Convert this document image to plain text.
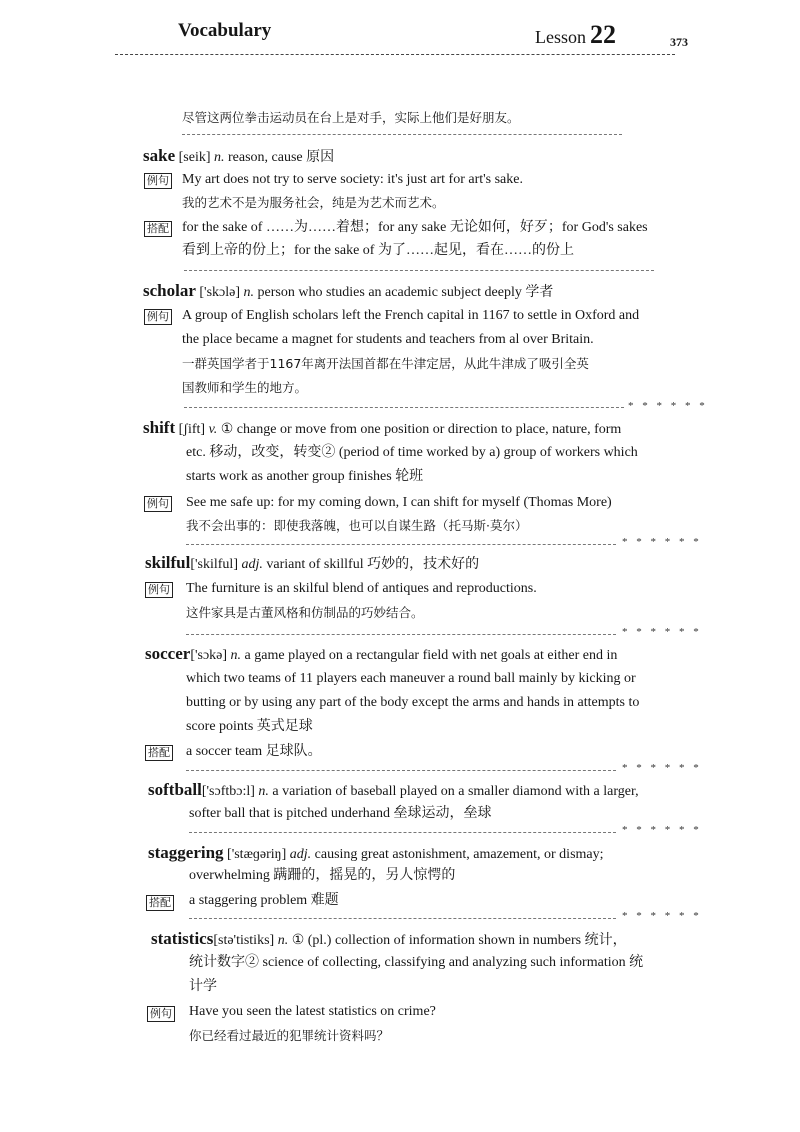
Vocabulary	Lesson 22	373
尽管这两位拳击运动员在台上是对手，实际上他们是好朋友。
sake [seik] n. reason, cause 原因
例句 My art does not try to serve society: it's just art for art's sake.
我的艺术不是为服务社会，纯是为艺术而艺术。
搭配 for the sake of ……为……着想；for any sake 无论如何，好歹；for God's sakes
看到上帝的份上；for the sake of 为了……起见，看在……的份上
scholar ['skɔlə] n. person who studies an academic subject deeply 学者
例句 A group of English scholars left the French capital in 1167 to settle in Oxford and
the place became a magnet for students and teachers from al over Britain.
一群英国学者于1167年离开法国首都在牛津定居，从此牛津成了吸引全英
国教师和学生的地方。
* * * * * *
shift [ʃift] v. ① change or move from one position or direction to place, nature, form
etc. 移动，改变，转变② (period of time worked by a) group of workers which
starts work as another group finishes 轮班
例句 See me safe up: for my coming down, I can shift for myself (Thomas More)
我不会出事的：即使我落魄，也可以自谋生路（托马斯·莫尔）
* * * * * *
skilful['skilful] adj. variant of skillful 巧妙的，技术好的
例句 The furniture is an skilful blend of antiques and reproductions.
这件家具是古董风格和仿制品的巧妙结合。
* * * * * *
soccer['sɔkə] n. a game played on a rectangular field with net goals at either end in
which two teams of 11 players each maneuver a round ball mainly by kicking or
butting or by using any part of the body except the arms and hands in attempts to
score points 英式足球
搭配 a soccer team 足球队。
* * * * * *
softball['sɔftbɔ:l] n. a variation of baseball played on a smaller diamond with a larger,
softer ball that is pitched underhand 垒球运动，垒球
* * * * * *
staggering ['stæɡəriŋ] adj. causing great astonishment, amazement, or dismay;
overwhelming 蹒跚的，摇晃的，另人惊愕的
搭配 a staggering problem 难题
* * * * * *
statistics[stə'tistiks] n. ① (pl.) collection of information shown in numbers 统计，
统计数字② science of collecting, classifying and analyzing such information 统
计学
例句 Have you seen the latest statistics on crime?
你已经看过最近的犯罪统计资料吗？
